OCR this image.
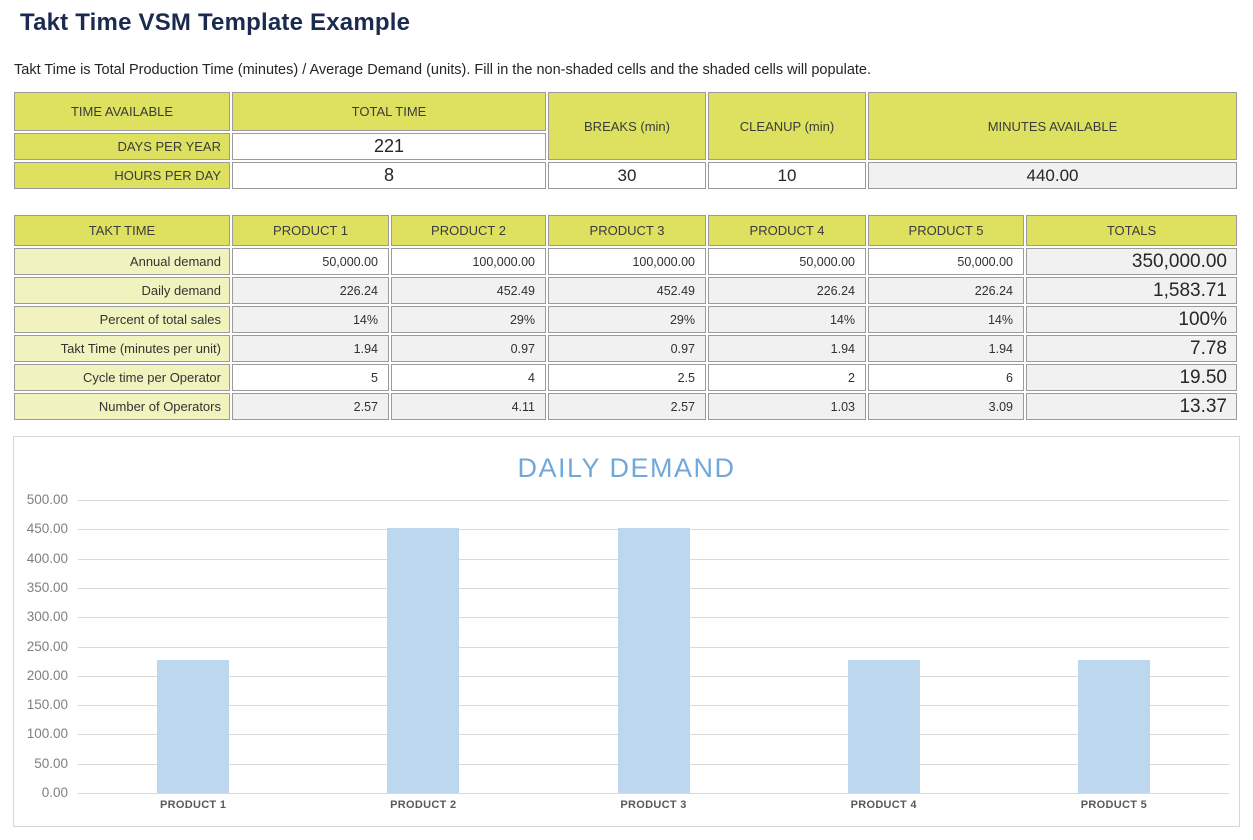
Takt Time VSM Template Example
Takt Time is Total Production Time (minutes) / Average Demand (units). Fill in the non-shaded cells and the shaded cells will populate.
TIME AVAILABLE	TOTAL TIME	BREAKS (min)	CLEANUP (min)	MINUTES AVAILABLE
DAYS PER YEAR	221			
HOURS PER DAY	8	30	10	440.00
TAKT TIME	PRODUCT 1	PRODUCT 2	PRODUCT 3	PRODUCT 4	PRODUCT 5	TOTALS
Annual demand	50,000.00	100,000.00	100,000.00	50,000.00	50,000.00	350,000.00
Daily demand	226.24	452.49	452.49	226.24	226.24	1,583.71
Percent of total sales	14%	29%	29%	14%	14%	100%
Takt Time (minutes per unit)	1.94	0.97	0.97	1.94	1.94	7.78
Cycle time per Operator	5	4	2.5	2	6	19.50
Number of Operators	2.57	4.11	2.57	1.03	3.09	13.37
DAILY DEMAND
500.00
450.00
400.00
350.00
300.00
250.00
200.00
150.00
100.00
50.00
0.00
PRODUCT 1	PRODUCT 2	PRODUCT 3	PRODUCT 4	PRODUCT 5
